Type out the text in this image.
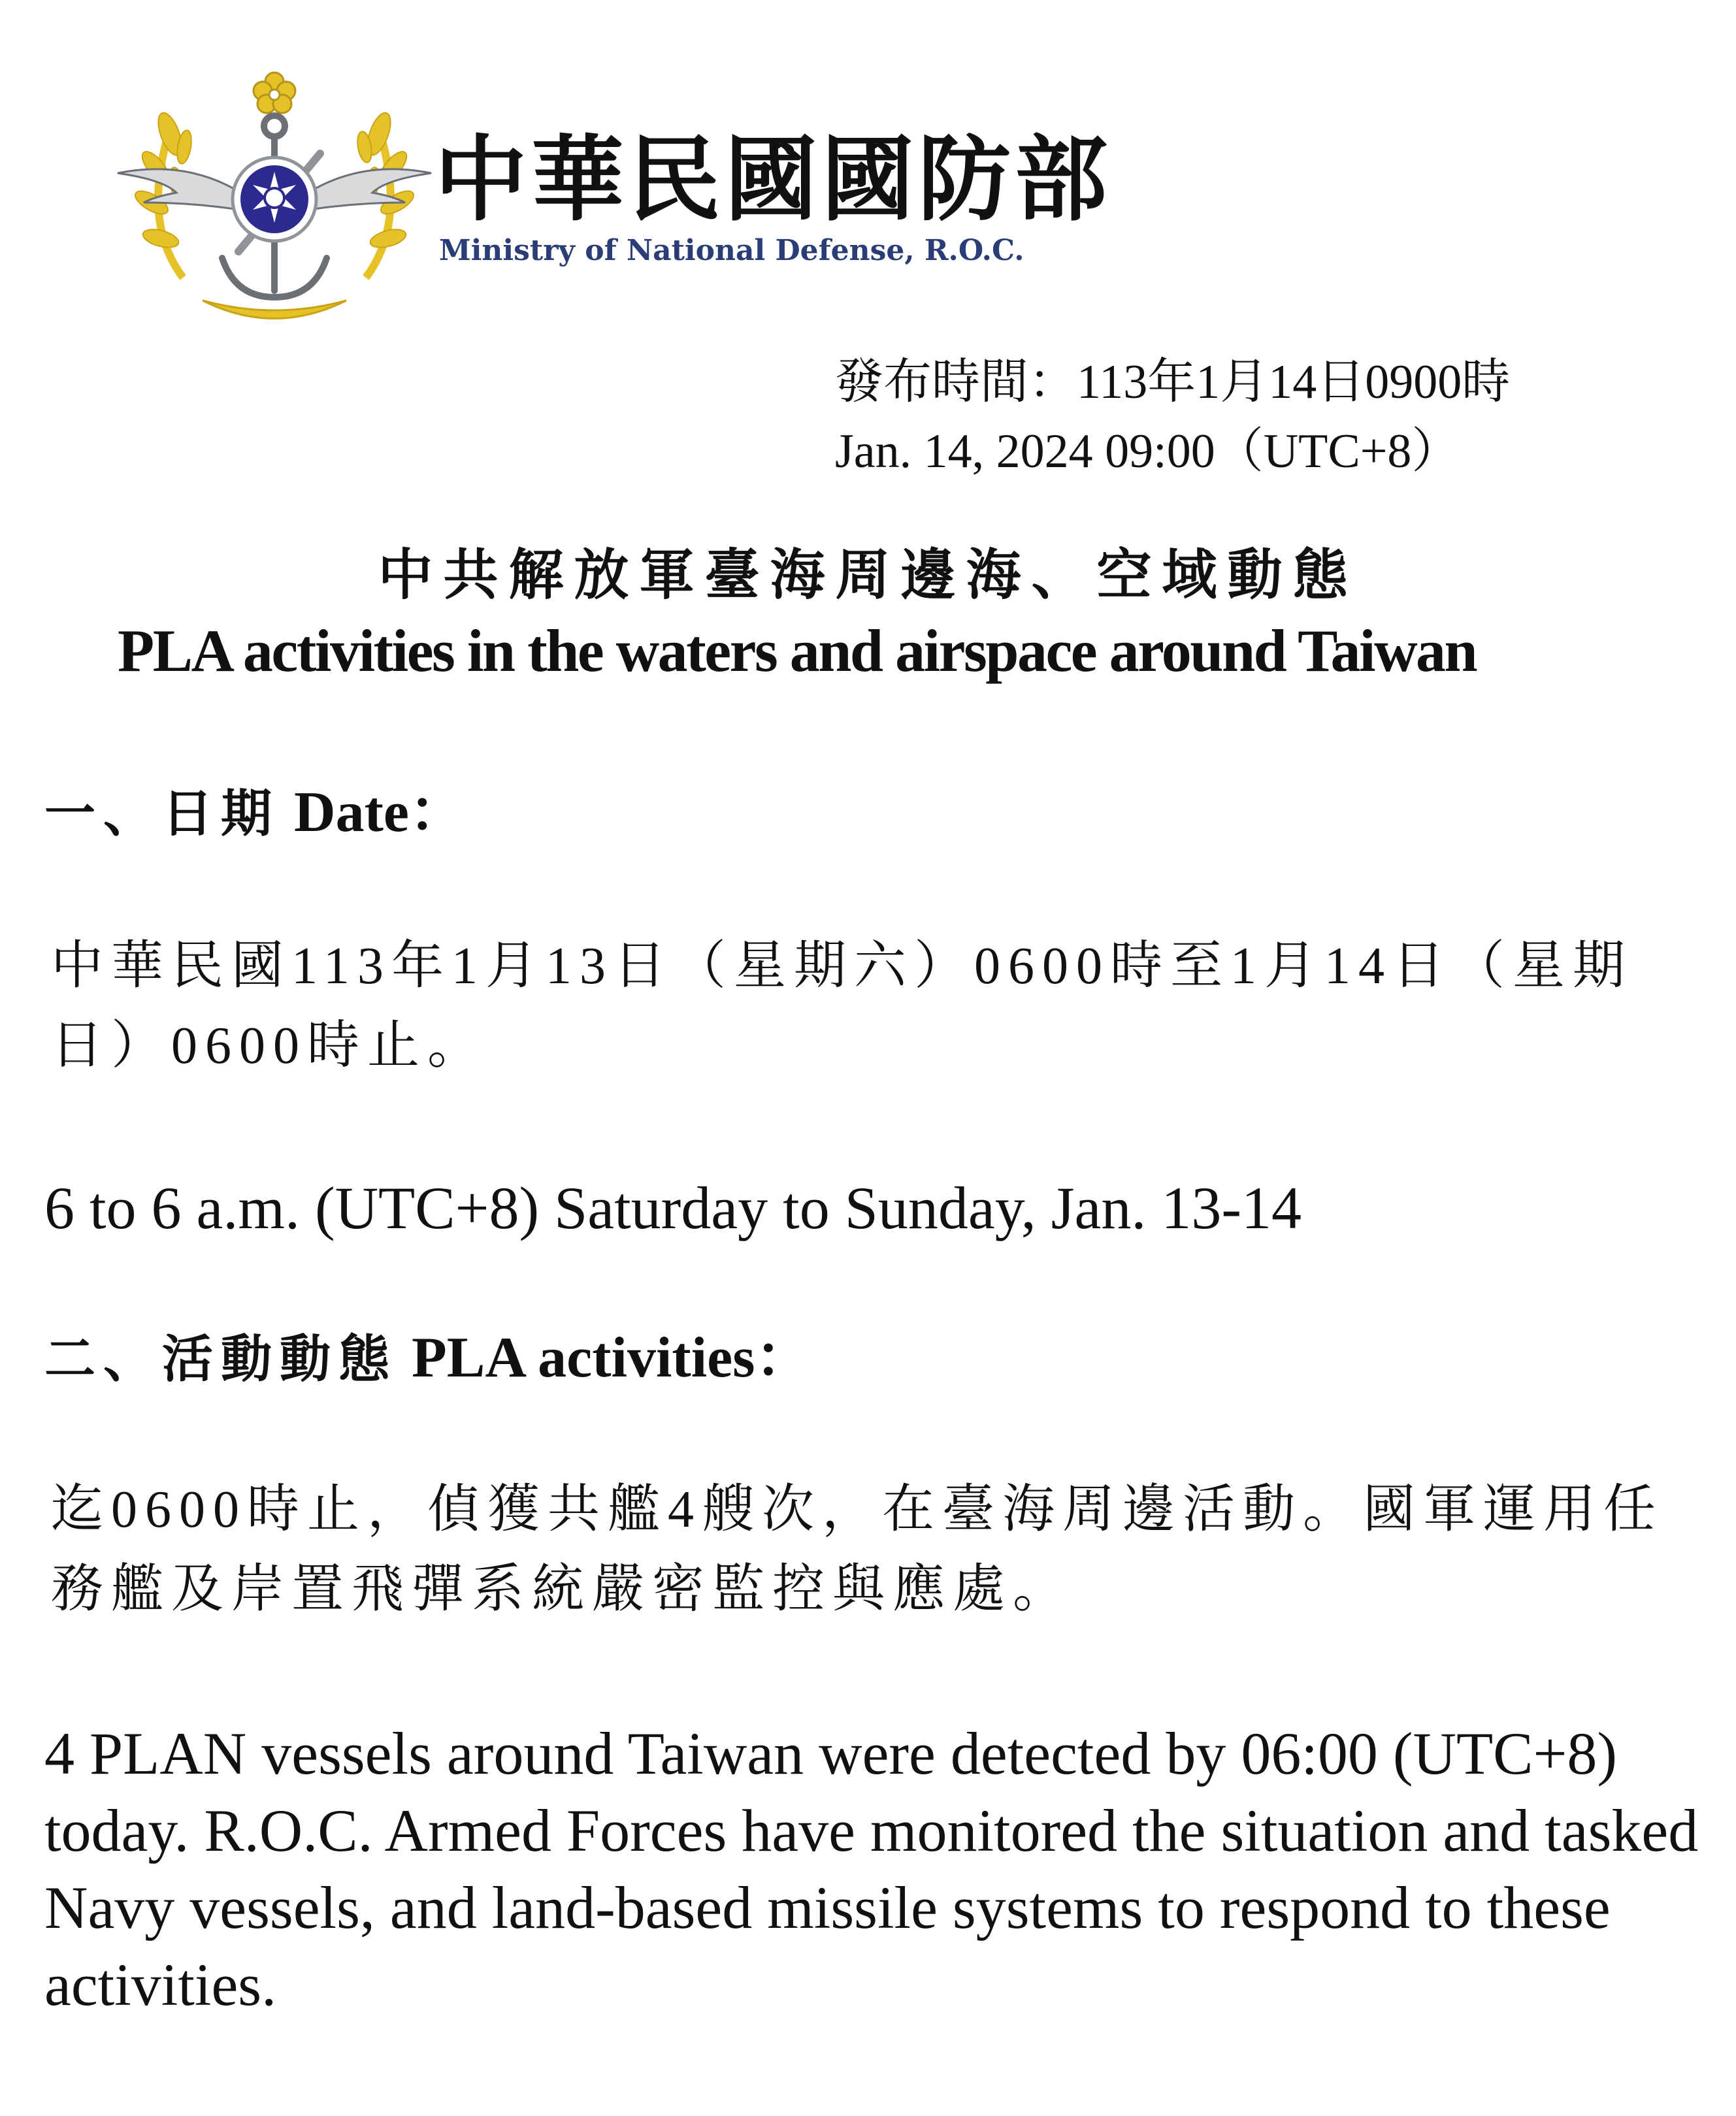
中華民國國防部
Ministry of National Defense, R.O.C.
發布時間：113年1月14日0900時
Jan. 14, 2024 09:00（UTC+8）
中共解放軍臺海周邊海、空域動態
PLA activities in the waters and airspace around Taiwan
一、日期 Date：
中華民國113年1月13日（星期六）0600時至1月14日（星期日）0600時止。
6 to 6 a.m. (UTC+8) Saturday to Sunday, Jan. 13-14
二、活動動態 PLA activities：
迄0600時止，偵獲共艦4艘次，在臺海周邊活動。國軍運用任務艦及岸置飛彈系統嚴密監控與應處。
4 PLAN vessels around Taiwan were detected by 06:00 (UTC+8) today. R.O.C. Armed Forces have monitored the situation and tasked Navy vessels, and land-based missile systems to respond to these activities.
